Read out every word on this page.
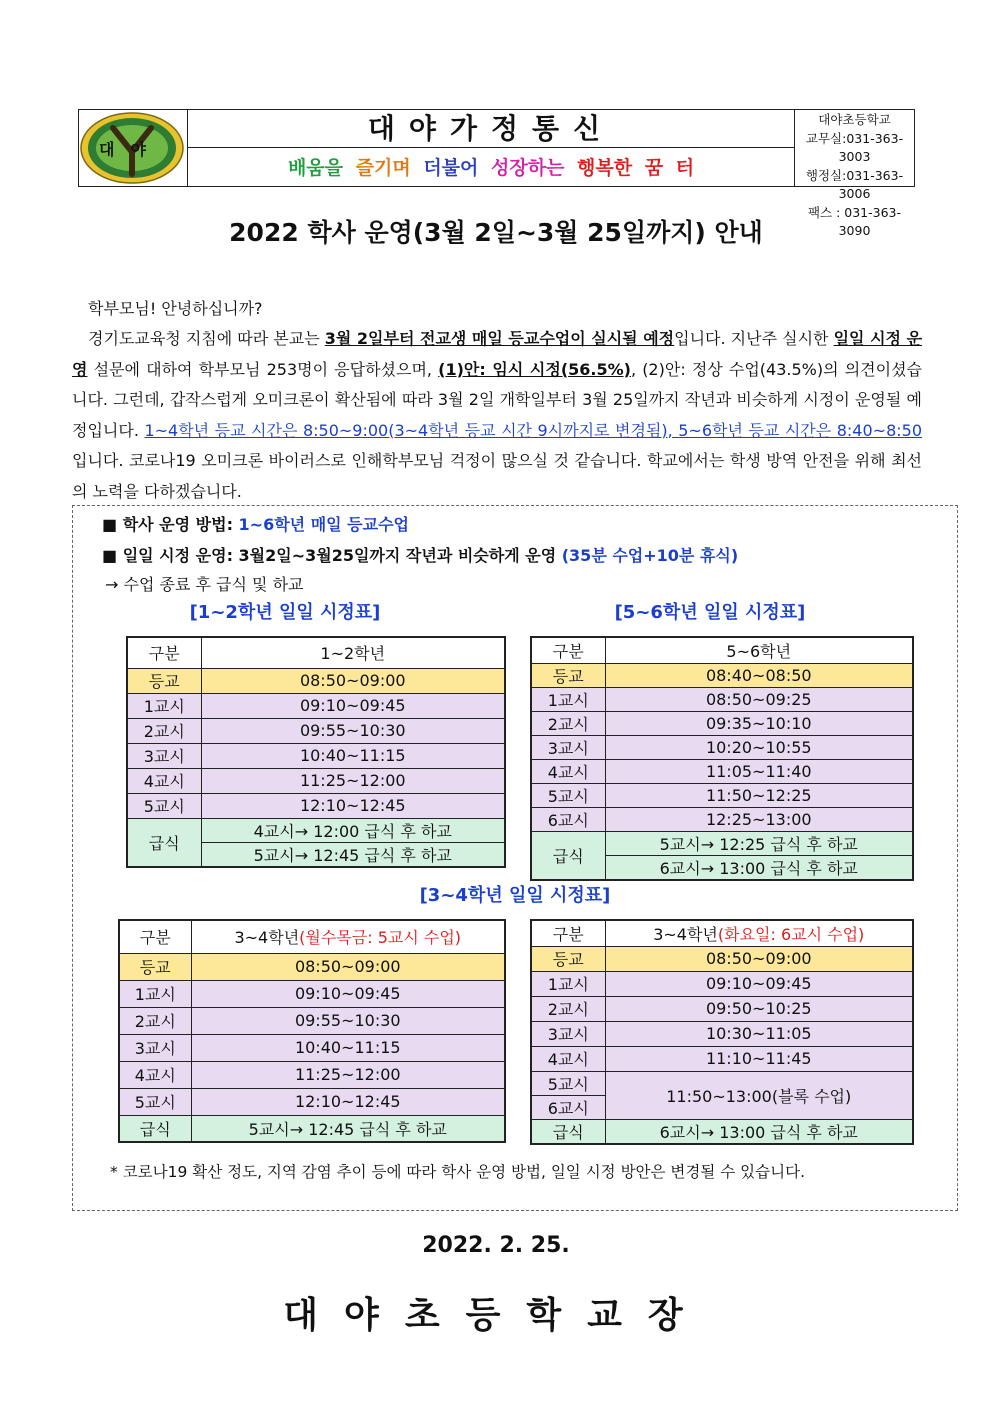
대야
대야가정통신
배움을 즐기며 더불어 성장하는 행복한 꿈 터
대야초등학교
교무실:031-363-3003
행정실:031-363-3006
팩스 : 031-363-3090
2022 학사 운영(3월 2일~3월 25일까지) 안내
학부모님! 안녕하십니까?
경기도교육청 지침에 따라 본교는 3월 2일부터 전교생 매일 등교수업이 실시될 예정입니다. 지난주 실시한 일일 시정 운영 설문에 대하여 학부모님 253명이 응답하셨으며, (1)안: 임시 시정(56.5%), (2)안: 정상 수업(43.5%)의 의견이셨습니다. 그런데, 갑작스럽게 오미크론이 확산됨에 따라 3월 2일 개학일부터 3월 25일까지 작년과 비슷하게 시정이 운영될 예정입니다. 1~4학년 등교 시간은 8:50~9:00(3~4학년 등교 시간 9시까지로 변경됨), 5~6학년 등교 시간은 8:40~8:50 입니다. 코로나19 오미크론 바이러스로 인해학부모님 걱정이 많으실 것 같습니다. 학교에서는 학생 방역 안전을 위해 최선의 노력을 다하겠습니다.
■ 학사 운영 방법: 1~6학년 매일 등교수업
■ 일일 시정 운영: 3월2일~3월25일까지 작년과 비슷하게 운영 (35분 수업+10분 휴식)
→ 수업 종료 후 급식 및 하교
[1~2학년 일일 시정표]	[5~6학년 일일 시정표]
[3~4학년 일일 시정표]
구분	1~2학년
등교	08:50~09:00
1교시	09:10~09:45
2교시	09:55~10:30
3교시	10:40~11:15
4교시	11:25~12:00
5교시	12:10~12:45
급식	4교시→ 12:00 급식 후 하교
	5교시→ 12:45 급식 후 하교
구분	5~6학년
등교	08:40~08:50
1교시	08:50~09:25
2교시	09:35~10:10
3교시	10:20~10:55
4교시	11:05~11:40
5교시	11:50~12:25
6교시	12:25~13:00
급식	5교시→ 12:25 급식 후 하교
	6교시→ 13:00 급식 후 하교
구분	3~4학년(월수목금: 5교시 수업)
등교	08:50~09:00
1교시	09:10~09:45
2교시	09:55~10:30
3교시	10:40~11:15
4교시	11:25~12:00
5교시	12:10~12:45
급식	5교시→ 12:45 급식 후 하교
구분	3~4학년(화요일: 6교시 수업)
등교	08:50~09:00
1교시	09:10~09:45
2교시	09:50~10:25
3교시	10:30~11:05
4교시	11:10~11:45
5교시	11:50~13:00(블록 수업)
6교시	
급식	6교시→ 13:00 급식 후 하교
* 코로나19 확산 정도, 지역 감염 추이 등에 따라 학사 운영 방법, 일일 시정 방안은 변경될 수 있습니다.
2022. 2. 25.
대야초등학교장
